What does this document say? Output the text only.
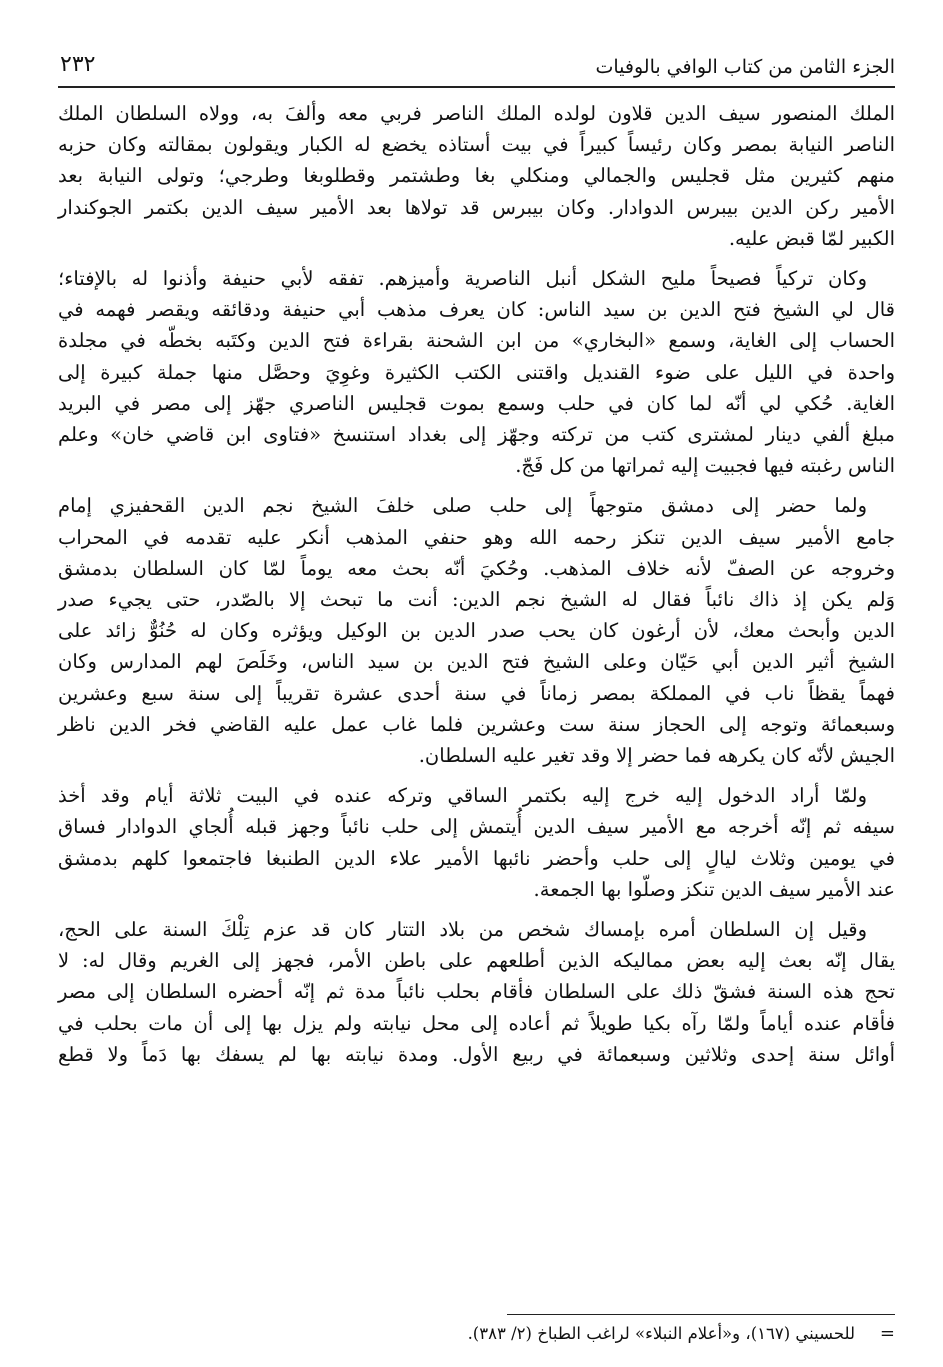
الجزء الثامن من كتاب الوافي بالوفيات
٢٣٢
الملك المنصور سيف الدين قلاون لولده الملك الناصر فربي معه وألفَ به، وولاه السلطان الملك
الناصر النيابة بمصر وكان رئيساً كبيراً في بيت أستاذه يخضع له الكبار ويقولون بمقالته وكان حزبه
منهم كثيرين مثل قجليس والجمالي ومنكلي بغا وطشتمر وقطلوبغا وطرجي؛ وتولى النيابة بعد
الأمير ركن الدين بيبرس الدوادار. وكان بيبرس قد تولاها بعد الأمير سيف الدين بكتمر الجوكندار
الكبير لمّا قبض عليه.
وكان تركياً فصيحاً مليح الشكل أنبل الناصرية وأميزهم. تفقه لأبي حنيفة وأذنوا له بالإفتاء؛
قال لي الشيخ فتح الدين بن سيد الناس: كان يعرف مذهب أبي حنيفة ودقائقه ويقصر فهمه في
الحساب إلى الغاية، وسمع «البخاري» من ابن الشحنة بقراءة فتح الدين وكتَبه بخطّه في مجلدة
واحدة في الليل على ضوء القنديل واقتنى الكتب الكثيرة وغوِيَ وحصَّل منها جملة كبيرة إلى
الغاية. حُكي لي أنّه لما كان في حلب وسمع بموت قجليس الناصري جهّز إلى مصر في البريد
مبلغ ألفي دينار لمشترى كتب من تركته وجهّز إلى بغداد استنسخ «فتاوى ابن قاضي خان» وعلم
الناس رغبته فيها فجبيت إليه ثمراتها من كل فَجّ.
ولما حضر إلى دمشق متوجهاً إلى حلب صلى خلفَ الشيخ نجم الدين القحفيزي إمام
جامع الأمير سيف الدين تنكز رحمه الله وهو حنفي المذهب أنكر عليه تقدمه في المحراب
وخروجه عن الصفّ لأنه خلاف المذهب. وحُكيَ أنّه بحث معه يوماً لمّا كان السلطان بدمشق
وَلم يكن إذ ذاك نائباً فقال له الشيخ نجم الدين: أنت ما تبحث إلا بالصّدر، حتى يجيء صدر
الدين وأبحث معك، لأن أرغون كان يحب صدر الدين بن الوكيل ويؤثره وكان له حُنُوٌّ زائد على
الشيخ أثير الدين أبي حَيّان وعلى الشيخ فتح الدين بن سيد الناس، وخَلَصَ لهم المدارس وكان
فهماً يقظاً ناب في المملكة بمصر زماناً في سنة أحدى عشرة تقريباً إلى سنة سبع وعشرين
وسبعمائة وتوجه إلى الحجاز سنة ست وعشرين فلما غاب عمل عليه القاضي فخر الدين ناظر
الجيش لأنّه كان يكرهه فما حضر إلا وقد تغير عليه السلطان.
ولمّا أراد الدخول إليه خرج إليه بكتمر الساقي وتركه عنده في البيت ثلاثة أيام وقد أخذ
سيفه ثم إنّه أخرجه مع الأمير سيف الدين أُيتمش إلى حلب نائباً وجهز قبله أُلجاي الدوادار فساق
في يومين وثلاث ليالٍ إلى حلب وأحضر نائبها الأمير علاء الدين الطنبغا فاجتمعوا كلهم بدمشق
عند الأمير سيف الدين تنكز وصلّوا بها الجمعة.
وقيل إن السلطان أمره بإمساك شخص من بلاد التتار كان قد عزم تِلْكَ السنة على الحج،
يقال إنّه بعث إليه بعض مماليكه الذين أطلعهم على باطن الأمر، فجهز إلى الغريم وقال له: لا
تحج هذه السنة فشقّ ذلك على السلطان فأقام بحلب نائباً مدة ثم إنّه أحضره السلطان إلى مصر
فأقام عنده أياماً ولمّا رآه بكيا طويلاً ثم أعاده إلى محل نيابته ولم يزل بها إلى أن مات بحلب في
أوائل سنة إحدى وثلاثين وسبعمائة في ربيع الأول. ومدة نيابته بها لم يسفك بها دَماً ولا قطع
=
للحسيني (١٦٧)، و«أعلام النبلاء» لراغب الطباخ (٢/ ٣٨٣).
